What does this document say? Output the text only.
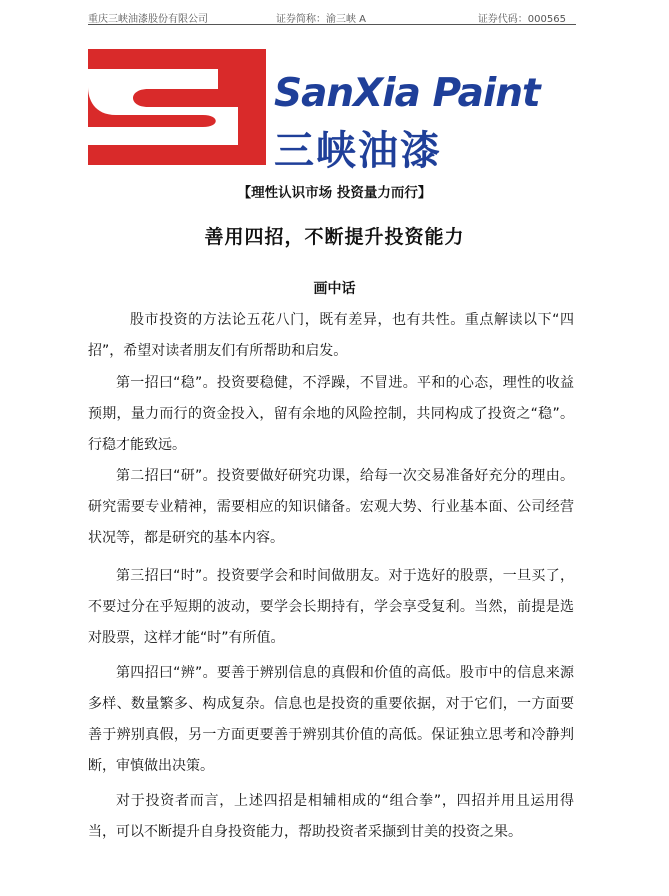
重庆三峡油漆股份有限公司	证券简称：渝三峡 A	证券代码：000565
SanXia Paint
三峡油漆
【理性认识市场 投资量力而行】
善用四招，不断提升投资能力
画中话

股市投资的方法论五花八门，既有差异，也有共性。重点解读以下“四招”，希望对读者朋友们有所帮助和启发。

第一招曰“稳”。投资要稳健，不浮躁，不冒进。平和的心态，理性的收益预期，量力而行的资金投入，留有余地的风险控制，共同构成了投资之“稳”。行稳才能致远。

第二招曰“研”。投资要做好研究功课，给每一次交易准备好充分的理由。研究需要专业精神，需要相应的知识储备。宏观大势、行业基本面、公司经营状况等，都是研究的基本内容。

第三招曰“时”。投资要学会和时间做朋友。对于选好的股票，一旦买了，不要过分在乎短期的波动，要学会长期持有，学会享受复利。当然，前提是选对股票，这样才能“时”有所值。

第四招曰“辨”。要善于辨别信息的真假和价值的高低。股市中的信息来源多样、数量繁多、构成复杂。信息也是投资的重要依据，对于它们，一方面要善于辨别真假，另一方面更要善于辨别其价值的高低。保证独立思考和冷静判断，审慎做出决策。

对于投资者而言，上述四招是相辅相成的“组合拳”，四招并用且运用得当，可以不断提升自身投资能力，帮助投资者采撷到甘美的投资之果。
